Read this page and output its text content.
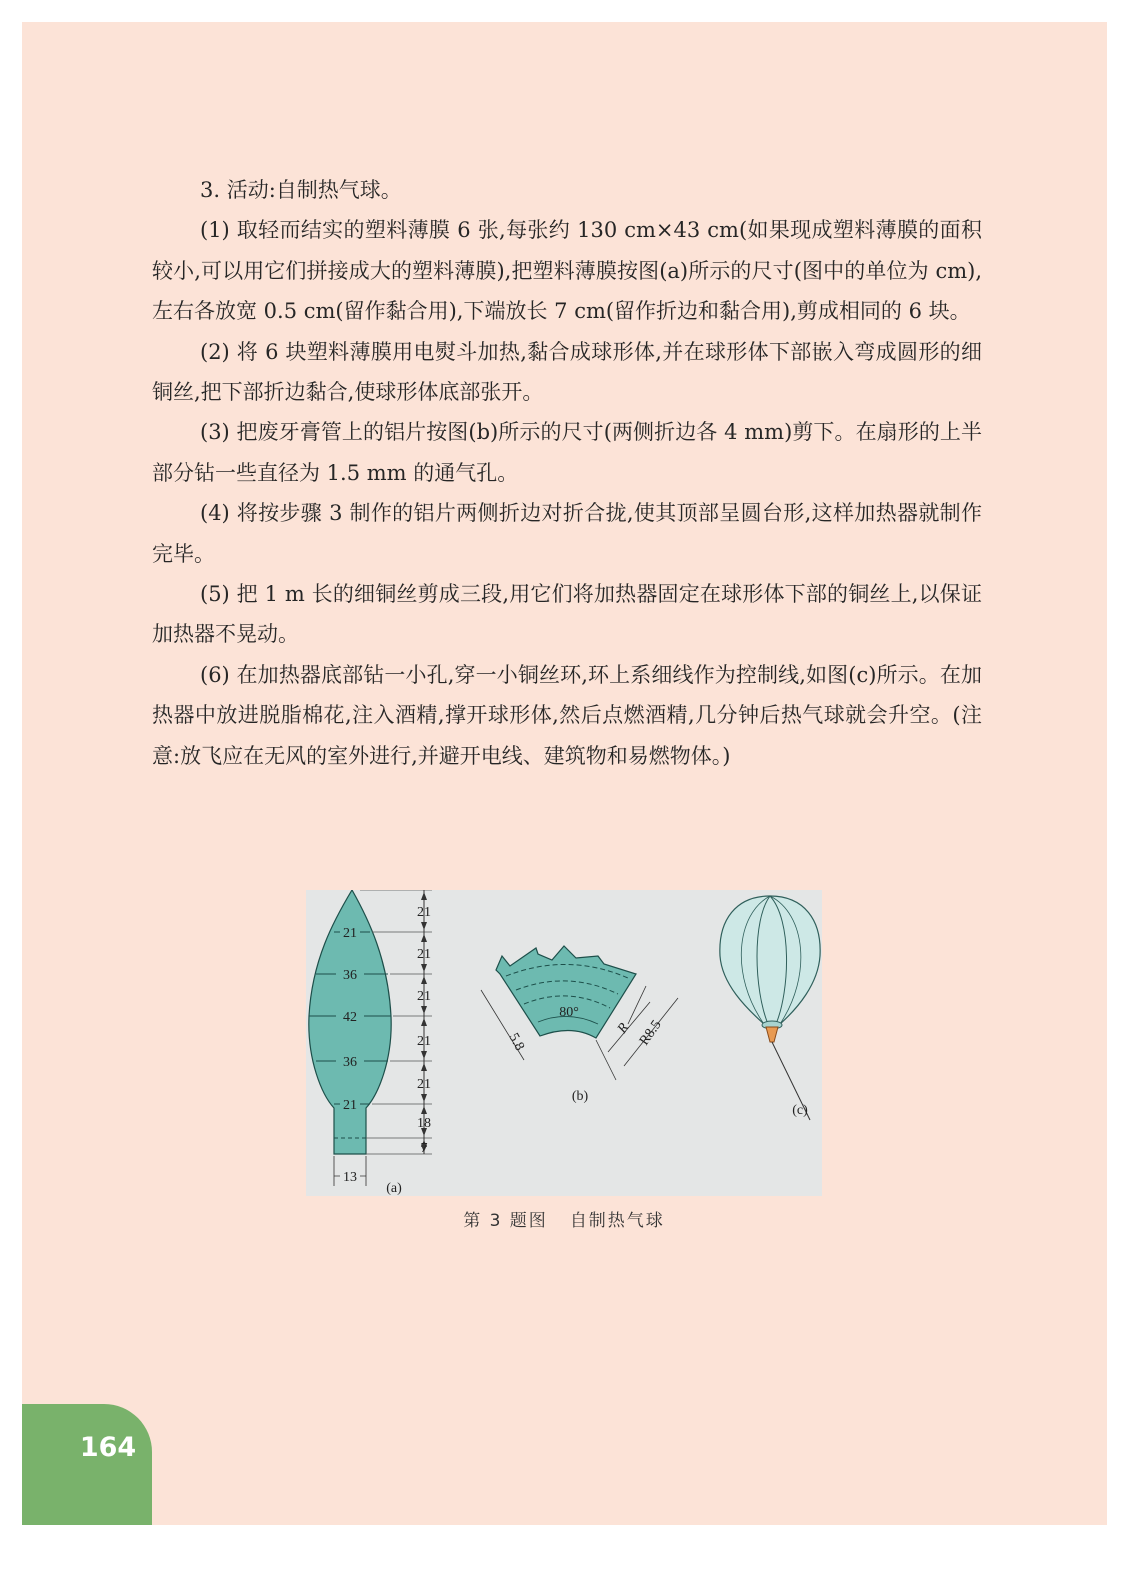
3. 活动:自制热气球。

(1) 取轻而结实的塑料薄膜 6 张,每张约 130 cm×43 cm(如果现成塑料薄膜的面积较小,可以用它们拼接成大的塑料薄膜),把塑料薄膜按图(a)所示的尺寸(图中的单位为 cm),左右各放宽 0.5 cm(留作黏合用),下端放长 7 cm(留作折边和黏合用),剪成相同的 6 块。

(2) 将 6 块塑料薄膜用电熨斗加热,黏合成球形体,并在球形体下部嵌入弯成圆形的细铜丝,把下部折边黏合,使球形体底部张开。

(3) 把废牙膏管上的铝片按图(b)所示的尺寸(两侧折边各 4 mm)剪下。在扇形的上半部分钻一些直径为 1.5 mm 的通气孔。

(4) 将按步骤 3 制作的铝片两侧折边对折合拢,使其顶部呈圆台形,这样加热器就制作完毕。

(5) 把 1 m 长的细铜丝剪成三段,用它们将加热器固定在球形体下部的铜丝上,以保证加热器不晃动。

(6) 在加热器底部钻一小孔,穿一小铜丝环,环上系细线作为控制线,如图(c)所示。在加热器中放进脱脂棉花,注入酒精,撑开球形体,然后点燃酒精,几分钟后热气球就会升空。(注意:放飞应在无风的室外进行,并避开电线、建筑物和易燃物体。)

21
36
42
36
21
21
21
21
21
21
18
7
13
(a)
80°
5.8
R R8.5
(b)
(c)
第 3 题图 自制热气球
164
